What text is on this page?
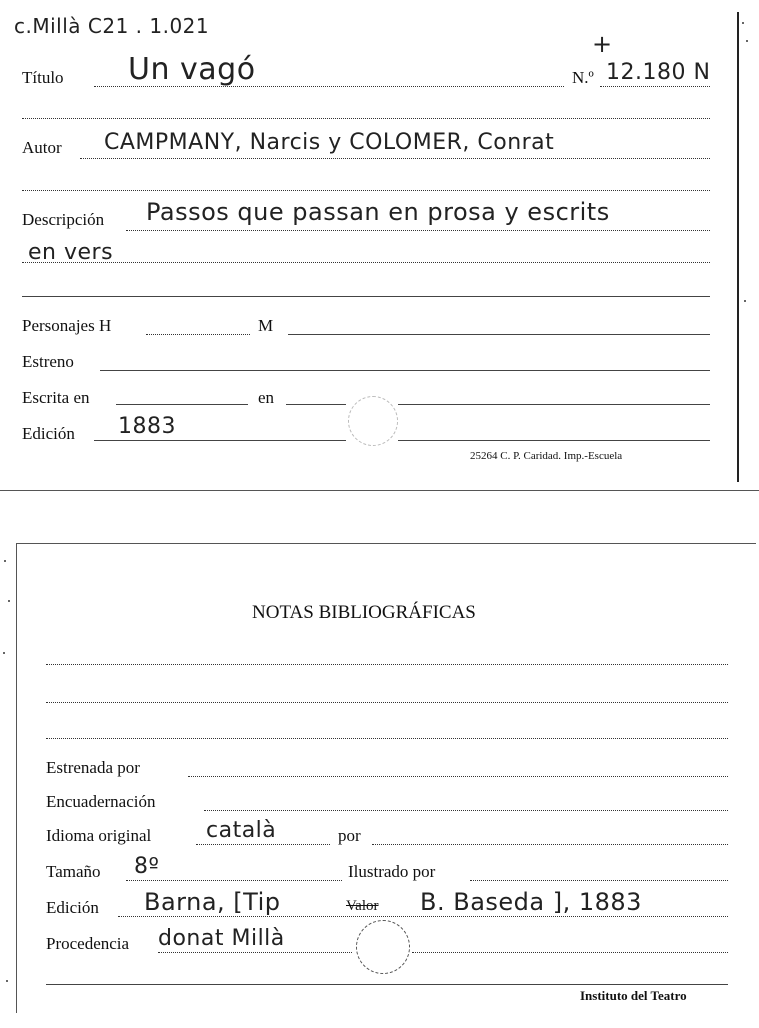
c.Millà C21 . 1.021
Título Un vagó	N.º 12.180 N
+
Autor CAMPMANY, Narcis y COLOMER, Conrat
Descripción Passos que passan en prosa y escrits
en vers
Personajes H	M
Estreno
Escrita en	en
Edición 1883
25264 C. P. Caridad. Imp.-Escuela
NOTAS BIBLIOGRÁFICAS
Estrenada por
Encuadernación
Idioma original català	por
Tamaño 8º	Ilustrado por
Edición Barna, [Tip	Valor B. Baseda ], 1883
Procedencia donat Millà
Instituto del Teatro
